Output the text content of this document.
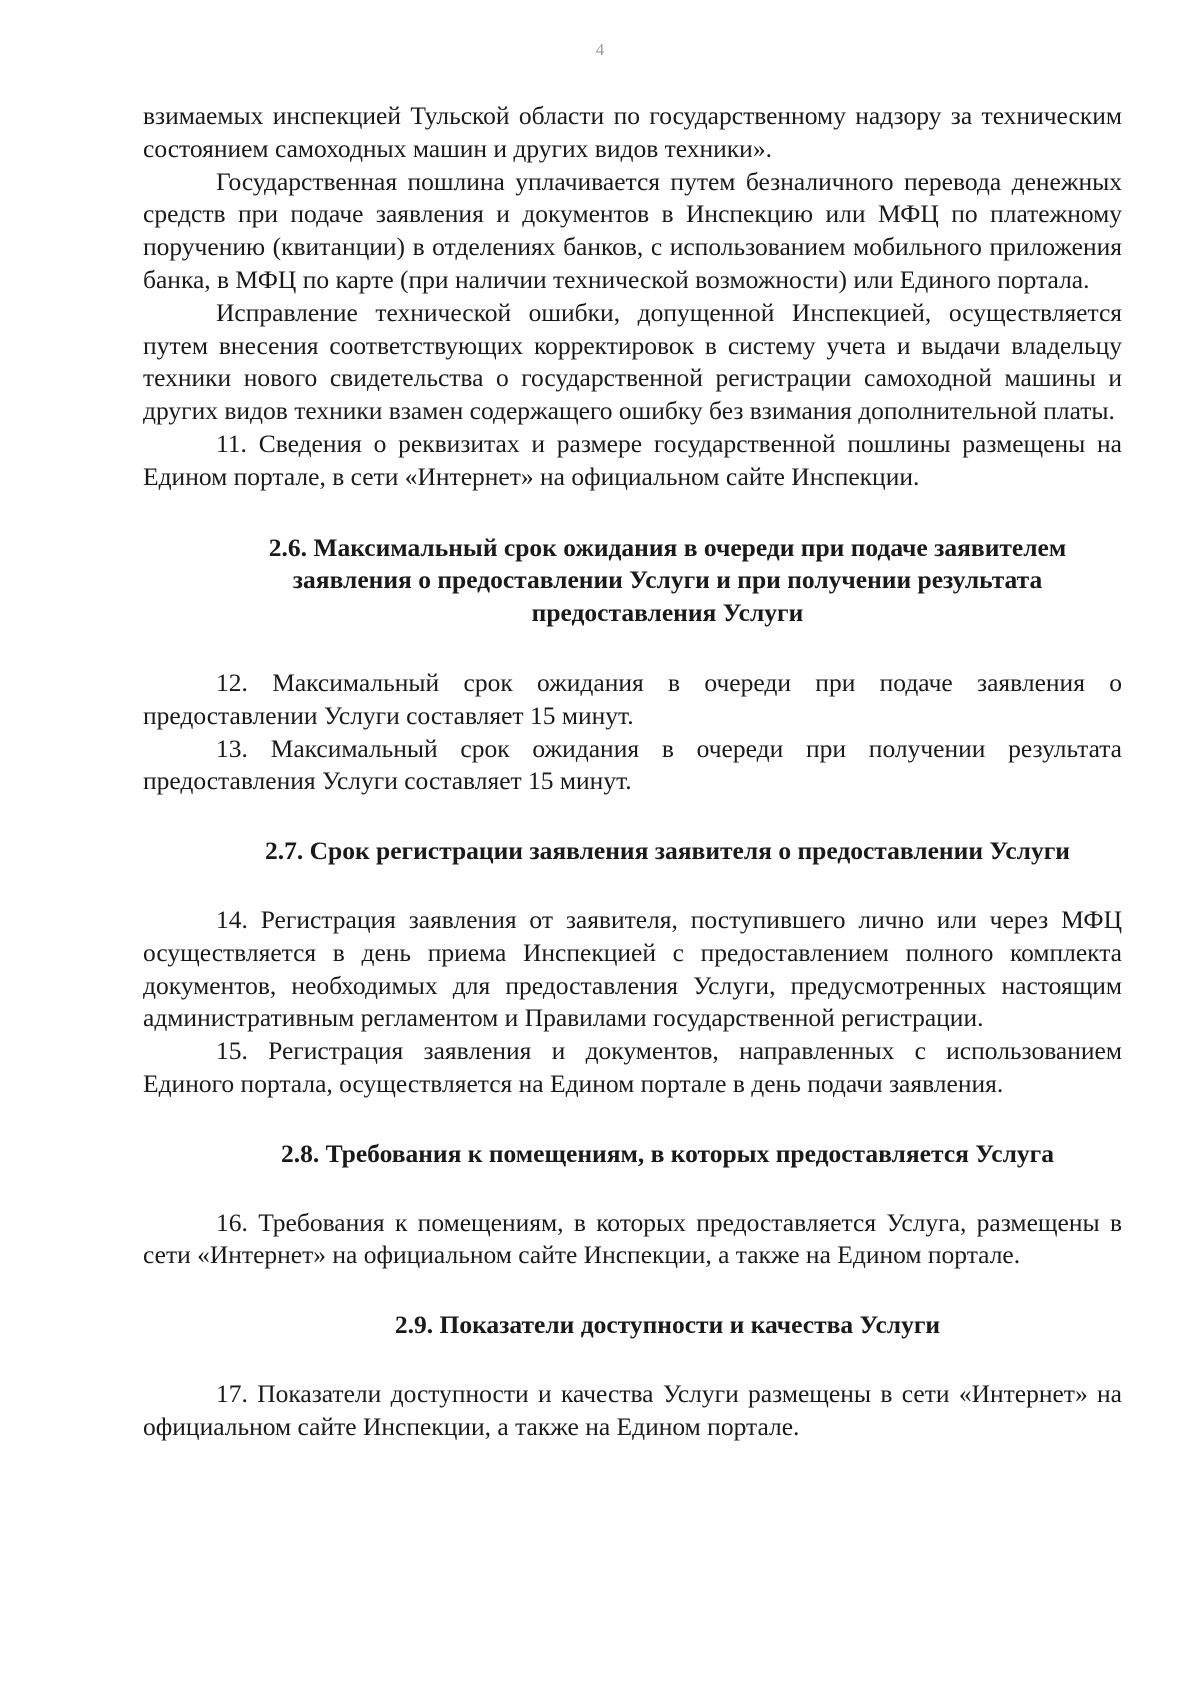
4

взимаемых инспекцией Тульской области по государственному надзору за техническим состоянием самоходных машин и других видов техники».

Государственная пошлина уплачивается путем безналичного перевода денежных средств при подаче заявления и документов в Инспекцию или МФЦ по платежному поручению (квитанции) в отделениях банков, с использованием мобильного приложения банка, в МФЦ по карте (при наличии технической возможности) или Единого портала.

Исправление технической ошибки, допущенной Инспекцией, осуществляется путем внесения соответствующих корректировок в систему учета и выдачи владельцу техники нового свидетельства о государственной регистрации самоходной машины и других видов техники взамен содержащего ошибку без взимания дополнительной платы.

11. Сведения о реквизитах и размере государственной пошлины размещены на Едином портале, в сети «Интернет» на официальном сайте Инспекции.

2.6. Максимальный срок ожидания в очереди при подаче заявителем заявления о предоставлении Услуги и при получении результата предоставления Услуги

12. Максимальный срок ожидания в очереди при подаче заявления о предоставлении Услуги составляет 15 минут.

13. Максимальный срок ожидания в очереди при получении результата предоставления Услуги составляет 15 минут.

2.7. Срок регистрации заявления заявителя о предоставлении Услуги

14. Регистрация заявления от заявителя, поступившего лично или через МФЦ осуществляется в день приема Инспекцией с предоставлением полного комплекта документов, необходимых для предоставления Услуги, предусмотренных настоящим административным регламентом и Правилами государственной регистрации.

15. Регистрация заявления и документов, направленных с использованием Единого портала, осуществляется на Едином портале в день подачи заявления.

2.8. Требования к помещениям, в которых предоставляется Услуга

16. Требования к помещениям, в которых предоставляется Услуга, размещены в сети «Интернет» на официальном сайте Инспекции, а также на Едином портале.

2.9. Показатели доступности и качества Услуги

17. Показатели доступности и качества Услуги размещены в сети «Интернет» на официальном сайте Инспекции, а также на Едином портале.
